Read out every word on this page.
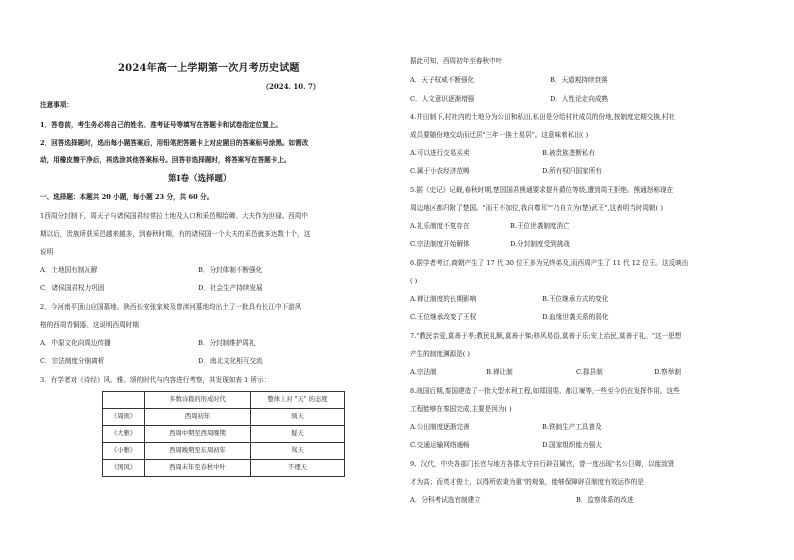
2024年高一上学期第一次月考历史试题
（2024. 10. 7）
注意事项：
1．答卷前，考生务必将自己的姓名、准考证号等填写在答题卡和试卷指定位置上。
2．回答选择题时，选出每小题答案后，用铅笔把答题卡上对应题目的答案标号涂黑。如需改
动，用橡皮擦干净后，再选涂其他答案标号。回答非选择题时，将答案写在答题卡上。
第Ⅰ卷（选择题）
一、选择题：本题共 20 小题，每小题 23 分，共 60 分。
1西周分封制下，周天子与诸侯国君经常拉土地及人口和采邑赐给卿、大夫作为世禄。西周中
期以后，贵族所获采邑越来越多，到春秋时期，有的诸侯国一个大夫的采邑就多达数十个，这
说明
A．土地国有制瓦解	B．分封体制不断强化
C．诸侯国君权力巩固	D．社会生产持续发展
2．今河南平顶山应国墓地、陕西长安张家坡及曾渎河墓地均出土了一批具有长江中下游风
格的西周青铜器。这说明西周时期
A．中原文化向周边传播	B．分封制维护周礼
C．宗法制度分崩离析	D．南北文化相互交流
3．有学者对《诗经》风、雅、颂的时代与内容进行考察，其发现如表 1 所示：
	多数诗篇的形成时代	整体上对 "天" 的态度
《周颂》	西周初年	颂天
《大雅》	西周中期至西周晚期	疑天
《小雅》	西周晚期至东周初年	骂天
《国风》	西周末年至春秋中叶	不理天
据此可知，西周初年至春秋中叶
A．天子权威不断强化	B．天道观持续衰落
C．人文意识逐渐增强	D．人性论走向成熟
4.井田制下,村社内的土地分为公田和私田,私田是分给村社成员的份地,按制度定期交换,村社
成员要随份地交动而迁居"三年一换土易居"。这意味着私田( )
A.可以进行交易买卖	B.被贵族垄断私有
C.属于小农经济范畴	D.所有权归国家所有
5.据《史记》记载,春秋时期,楚国国君熊通要求提升爵位等级,遭到周王拒绝。熊通怒称现在
周边地区都归附了楚国。"而王不加位,我自尊耳""乃自立为(楚)武王",这表明当时周朝( )
A.礼乐制度不复存在	B.王位世袭制度消亡
C.宗法制度开始解体	D.分封制度受到挑战
6.据学者考订,商朝产生了 17 代 30 位王多为兄终弟及,而西周产生了 11 代 12 位王。这反映出
( )
A.禅让制度的长期影响	B.王位继承方式的变化
C.王位继承改变了王权	D.血缘世袭关系的弱化
7."教民亲爱,莫善于孝;教民礼顺,莫善于悌;移风易俗,莫善于乐;安上治民,莫善于礼。"这一思想
产生的制度渊源是( )
A.宗法制	B.禅让制	C.郡县制	D.察举制
8.战国后期,秦国建造了一批大型水利工程,如郑国渠、都江堰等,一些至今仍在发挥作用。这些
工程能够在秦国完成,主要是因为( )
A.公田制度逐渐完善	B.铁制生产工具普及
C.交通运输网络通畅	D.国家组织能力强大
9、汉代，中央各部门长官与地方各郡太守自行辟召属官，曾一度出现"名公巨卿，以能致贤
才为高；而英才俊士，以得所依秉为重"的观象，能够保障辟召制度有效运作的是
A．分科考试选官制建立	B．监察体系的改进
